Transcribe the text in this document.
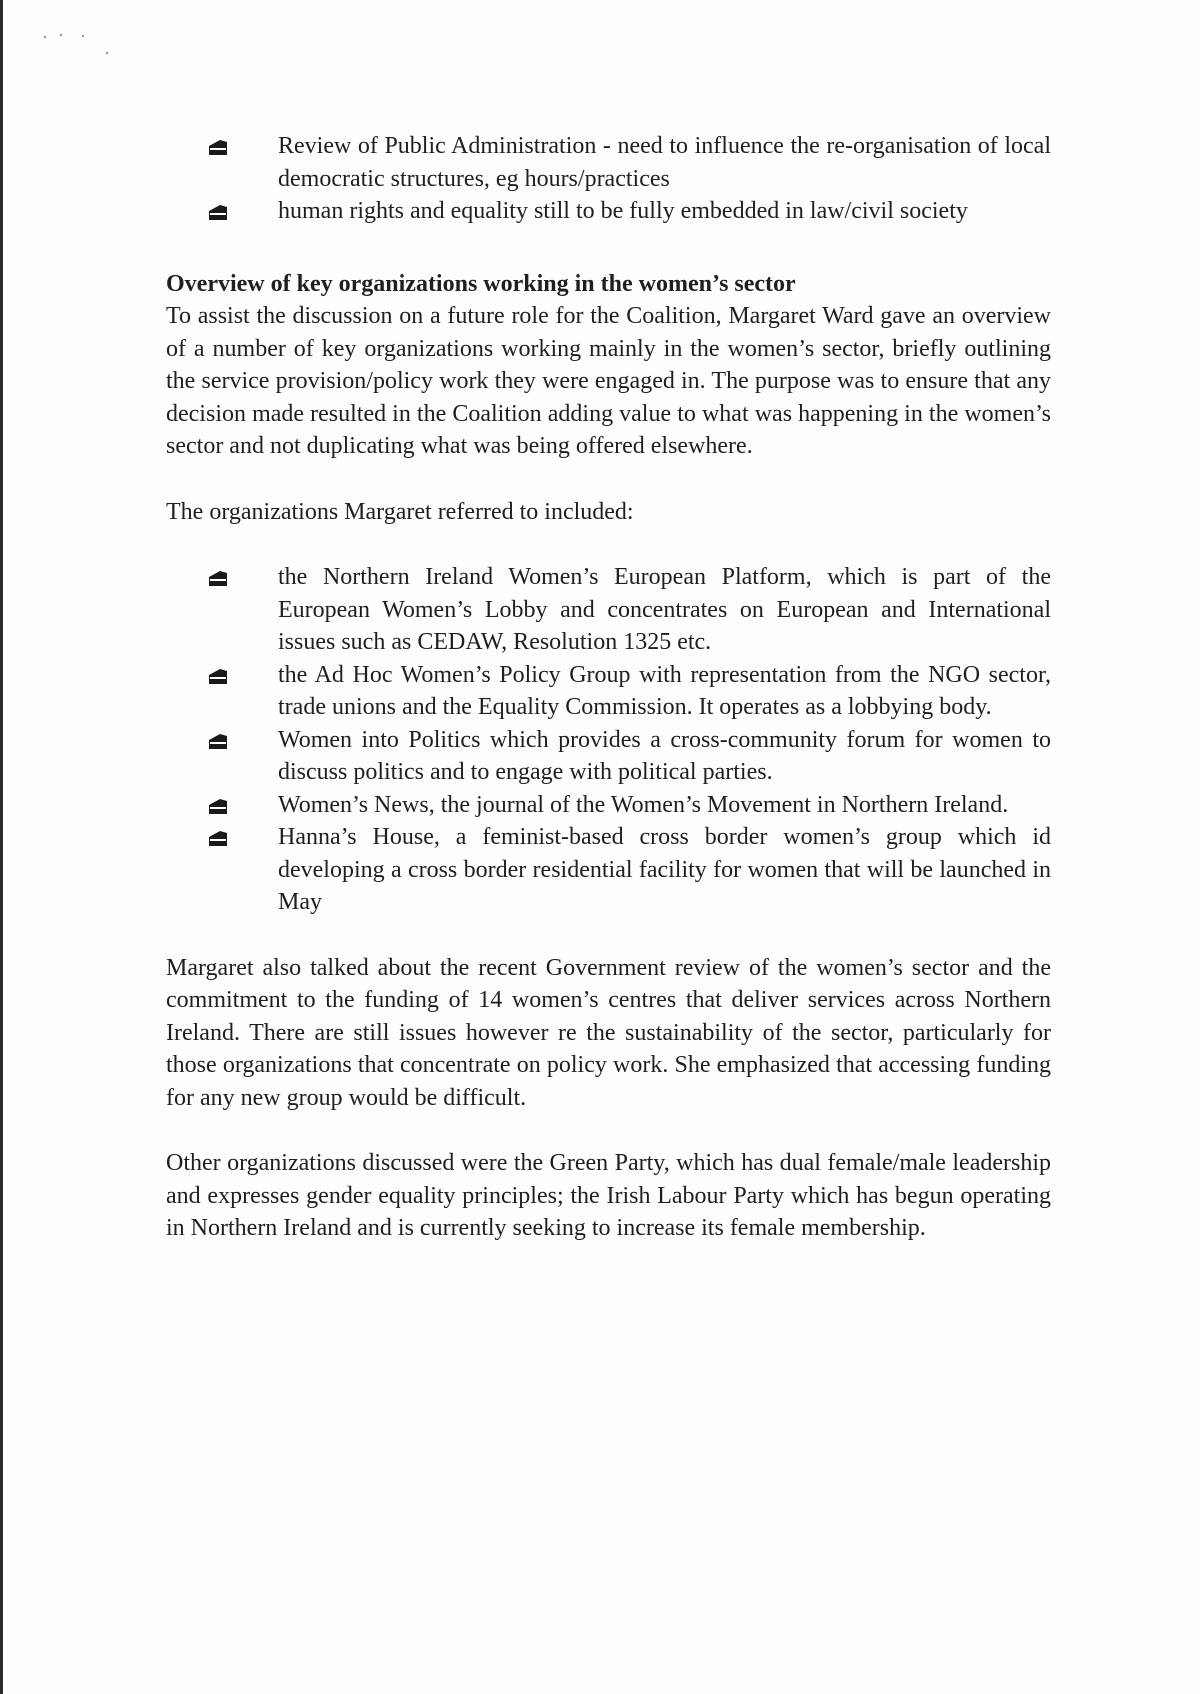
Review of Public Administration - need to influence the re-organisation of local democratic structures, eg hours/practices
human rights and equality still to be fully embedded in law/civil society
Overview of key organizations working in the women’s sector

To assist the discussion on a future role for the Coalition, Margaret Ward gave an overview of a number of key organizations working mainly in the women’s sector, briefly outlining the service provision/policy work they were engaged in. The purpose was to ensure that any decision made resulted in the Coalition adding value to what was happening in the women’s sector and not duplicating what was being offered elsewhere.

The organizations Margaret referred to included:

the Northern Ireland Women’s European Platform, which is part of the European Women’s Lobby and concentrates on European and International issues such as CEDAW, Resolution 1325 etc.
the Ad Hoc Women’s Policy Group with representation from the NGO sector, trade unions and the Equality Commission. It operates as a lobbying body.
Women into Politics which provides a cross-community forum for women to discuss politics and to engage with political parties.
Women’s News, the journal of the Women’s Movement in Northern Ireland.
Hanna’s House, a feminist-based cross border women’s group which id developing a cross border residential facility for women that will be launched in May

Margaret also talked about the recent Government review of the women’s sector and the commitment to the funding of 14 women’s centres that deliver services across Northern Ireland. There are still issues however re the sustainability of the sector, particularly for those organizations that concentrate on policy work. She emphasized that accessing funding for any new group would be difficult.

Other organizations discussed were the Green Party, which has dual female/male leadership and expresses gender equality principles; the Irish Labour Party which has begun operating in Northern Ireland and is currently seeking to increase its female membership.
